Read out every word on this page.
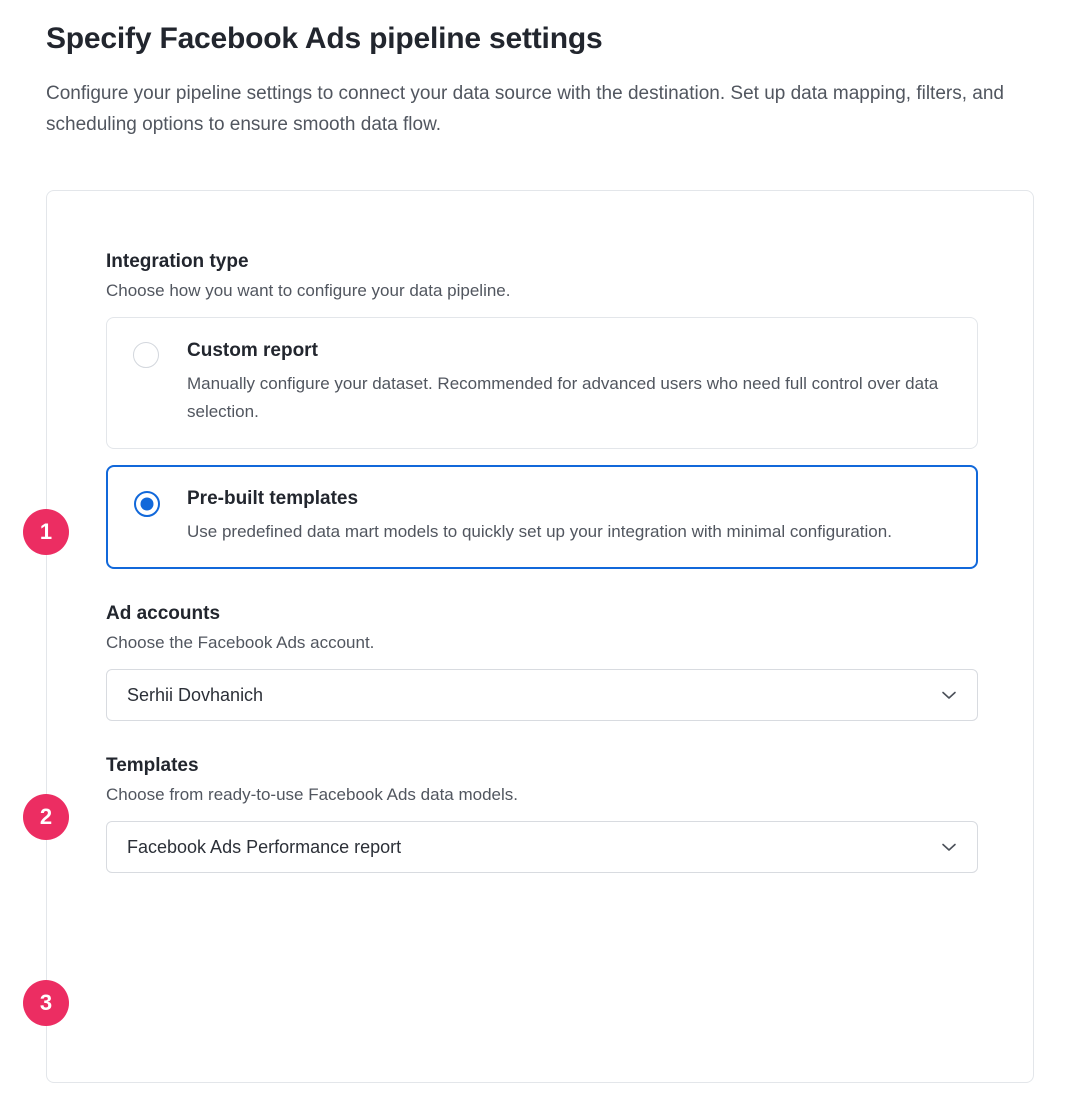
Specify Facebook Ads pipeline settings
Configure your pipeline settings to connect your data source with the destination. Set up data mapping, filters, and scheduling options to ensure smooth data flow.
Integration type
Choose how you want to configure your data pipeline.
Custom report
Manually configure your dataset. Recommended for advanced users who need full control over data selection.
Pre-built templates
Use predefined data mart models to quickly set up your integration with minimal configuration.
Ad accounts
Choose the Facebook Ads account.
Serhii Dovhanich
Templates
Choose from ready-to-use Facebook Ads data models.
Facebook Ads Performance report
1
2
3
